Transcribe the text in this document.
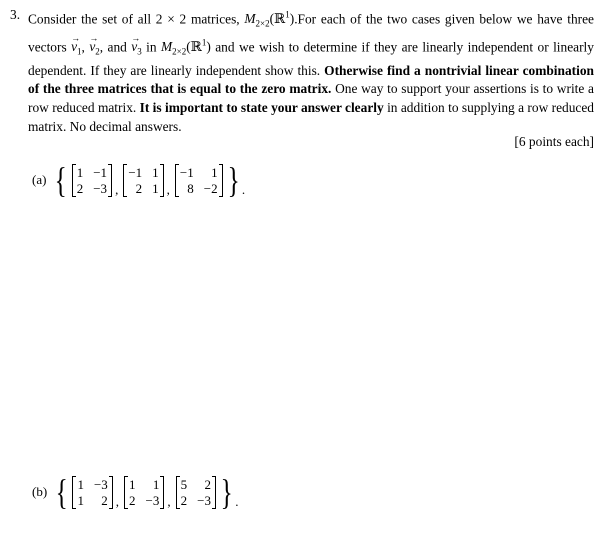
3. Consider the set of all 2 × 2 matrices, $M_{2\times 2}(ℝ^1).For$ each of the two cases given below we have three vectors → $v_1$, → $v_2$, and → $v_3$ in $M_{2\times 2}(ℝ^1)$ and we wish to determine if they are linearly independent or linearly dependent. If they are linearly independent show this. Otherwise find a nontrivial linear combination of the three matrices that is equal to the zero matrix. One way to support your assertions is to write a row reduced matrix. It is important to state your answer clearly in addition to supplying a row reduced matrix. No decimal answers.
[6 points each]
(a) { 1 −1
2 −3 ,
−1 1
2 1 ,
−1	1
8 −2 } .
(b) { 1 −3
1	2 ,
1	1
2 −3 ,
5	2
2 −3 } .
